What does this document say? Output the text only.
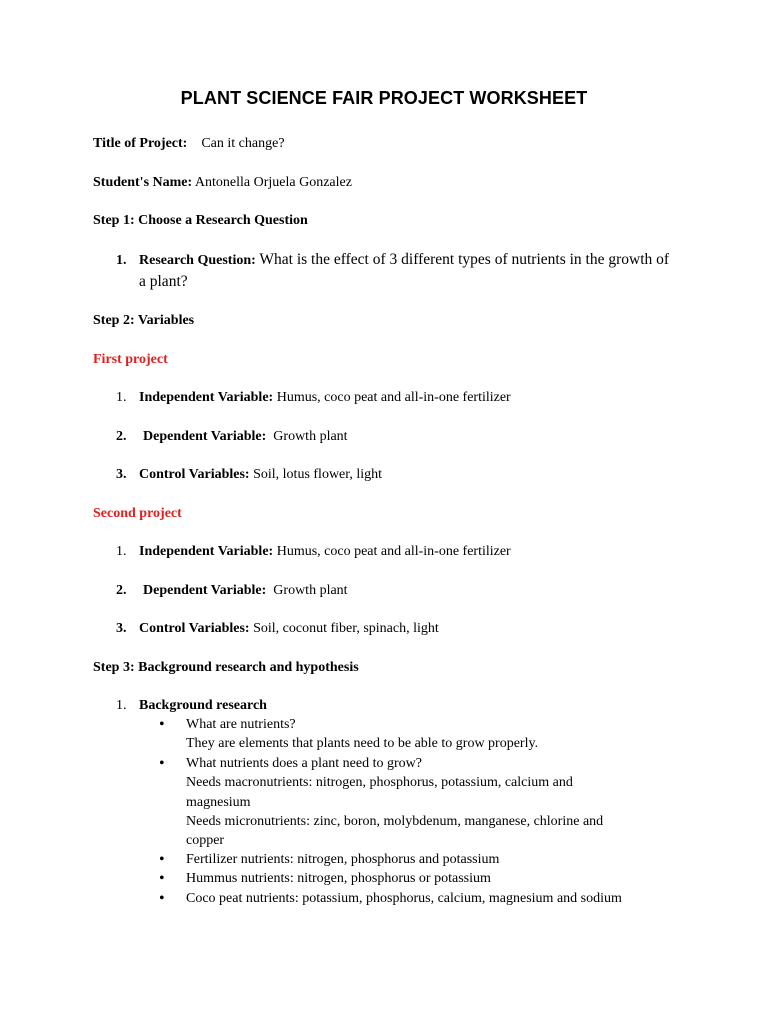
PLANT SCIENCE FAIR PROJECT WORKSHEET
Title of Project: Can it change?
Student's Name: Antonella Orjuela Gonzalez
Step 1: Choose a Research Question
1. Research Question: What is the effect of 3 different types of nutrients in the growth of a plant?
Step 2: Variables
First project
1. Independent Variable: Humus, coco peat and all-in-one fertilizer
2. Dependent Variable: Growth plant
3. Control Variables: Soil, lotus flower, light
Second project
1. Independent Variable: Humus, coco peat and all-in-one fertilizer
2. Dependent Variable: Growth plant
3. Control Variables: Soil, coconut fiber, spinach, light
Step 3: Background research and hypothesis
1. Background research
• What are nutrients?
They are elements that plants need to be able to grow properly.
• What nutrients does a plant need to grow?
Needs macronutrients: nitrogen, phosphorus, potassium, calcium and
magnesium
Needs micronutrients: zinc, boron, molybdenum, manganese, chlorine and
copper
• Fertilizer nutrients: nitrogen, phosphorus and potassium
• Hummus nutrients: nitrogen, phosphorus or potassium
• Coco peat nutrients: potassium, phosphorus, calcium, magnesium and sodium
